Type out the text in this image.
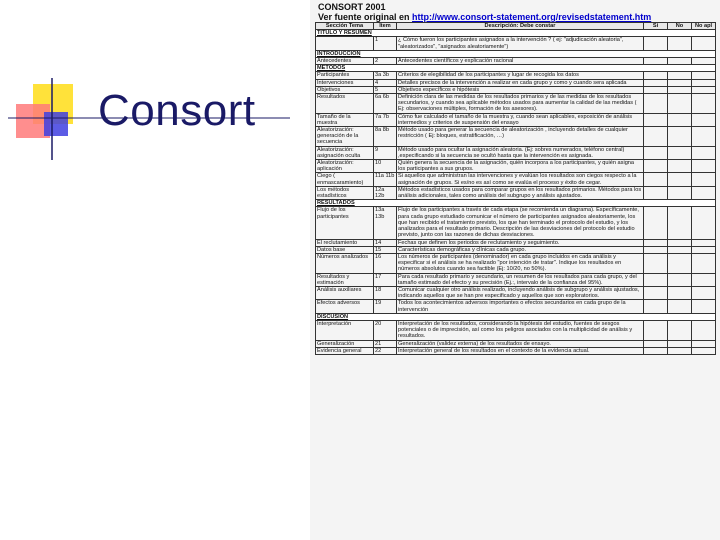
Consort
CONSORT 2001
Ver fuente original en http://www.consort-statement.org/revisedstatement.htm
Sección Tema	Item	Descripción: Debe constar	Si	No	No apl
TITULO Y RESUMEN					
	1	¿ Cómo fueron los participantes asignados a la intervención ? ( ej: "adjudicación aleatoria", "aleatorizados", "asignados aleatoriamente")			
INTRODUCCION					
Antecedentes	2	Antecedentes científicos y explicación racional			
METODOS					
Participantes	3a 3b	Criterios de elegibilidad de los participantes y lugar de recogida los datos			
Intervenciones	4	Detalles precisos de la intervención a realizar en cada grupo y como y cuando sera aplicada			
Objetivos	5	Objetivos específicos e hipótesis			
Resultados	6a 6b	Definición clara de las medidas de los resultados primarios y de las medidas de los resultados secundarios, y cuando sea aplicable métodos usados para aumentar la calidad de las medidas ( Ej: observaciones múltiples, formación de los asesores).			
Tamaño de la muestra	7a 7b	Cómo fue calculado el tamaño de la muestra y, cuando sean aplicables, exposición de análisis intermedios y criterios de suspensión del ensayo			
Aleatorización: generación de la secuencia	8a 8b	Método usado para generar la secuencia de aleatorización , incluyendo detalles de cualquier restricción ( Ej: bloques, estratificación, …)			
Aleatorización: asignación oculta	9	Método usado para ocultar la asignación aleatoria. (Ej: sobres numerados, teléfono central) ,especificando si la secuencia se ocultó hasta que la intervención es asignada.			
Aleatorización: aplicación	10	Quién genera la secuencia de la asignación, quién incorpora a los participantes, y quién asigna los participantes a sus grupos.			
Ciego ( enmascaramiento)	11a 11b	Si aquellos que administran las intervenciones y evalúan los resultados son ciegos respecto a la asignación de grupos. Si es/no es así como se evalúa el proceso y éxito de cegar.			
Los métodos estadísticos	12a 12b	Métodos estadísticos usados para comparar grupos en los resultados primarios. Métodos para los análisis adicionales, tales como análisis del subgrupo y análisis ajustados.			
RESULTADOS					
Flujo de los participantes	13a 13b	Flujo de los participantes a través de cada etapa (se recomienda un diagrama). Específicamente, para cada grupo estudiado comunicar el número de participantes asignados aleatoriamente, los que han recibido el tratamiento previsto, los que han terminado el protocolo del estudio, y los analizados para el resultado primario. Descripción de las desviaciones del protocolo del estudio previsto, junto con las razones de dichas desviaciones.			
El reclutamiento	14	Fechas que definen los periodos de reclutamiento y seguimiento.			
Datos base	15	Características demográficas y clínicas cada grupo.			
Números analizados	16	Los números de participantes (denominador) en cada grupo incluidos en cada análisis y especificar si el análisis se ha realizado "por intención de tratar". Indique los resultados en números absolutos cuando sea factible (Ej: 10/20, no 50%).			
Resultados y estimación	17	Para cada resultado primario y secundario, un resumen de los resultados para cada grupo, y del tamaño estimado del efecto y su precisión (Ej.:, intervalo de la confianza del 95%).			
Análisis auxiliares	18	Comunicar cualquier otro análisis realizado, incluyendo análisis de subgrupo y análisis ajustados, indicando aquellos que se han pre especificado y aquellos que son exploratorios.			
Efectos adversos	19	Todos los acontecimientos adversos importantes o efectos secundarios en cada grupo de la intervención			
DISCUSIÓN					
Interpretación	20	Interpretación de los resultados, considerando la hipótesis del estudio, fuentes de sesgos potenciales o de imprecisión, así como los peligros asociados con la multiplicidad de análisis y resultados.			
Generalización	21	Generalización (validez externa) de los resultados de ensayo.			
Evidencia general	22	Interpretación general de los resultados en el contexto de la evidencia actual.			
